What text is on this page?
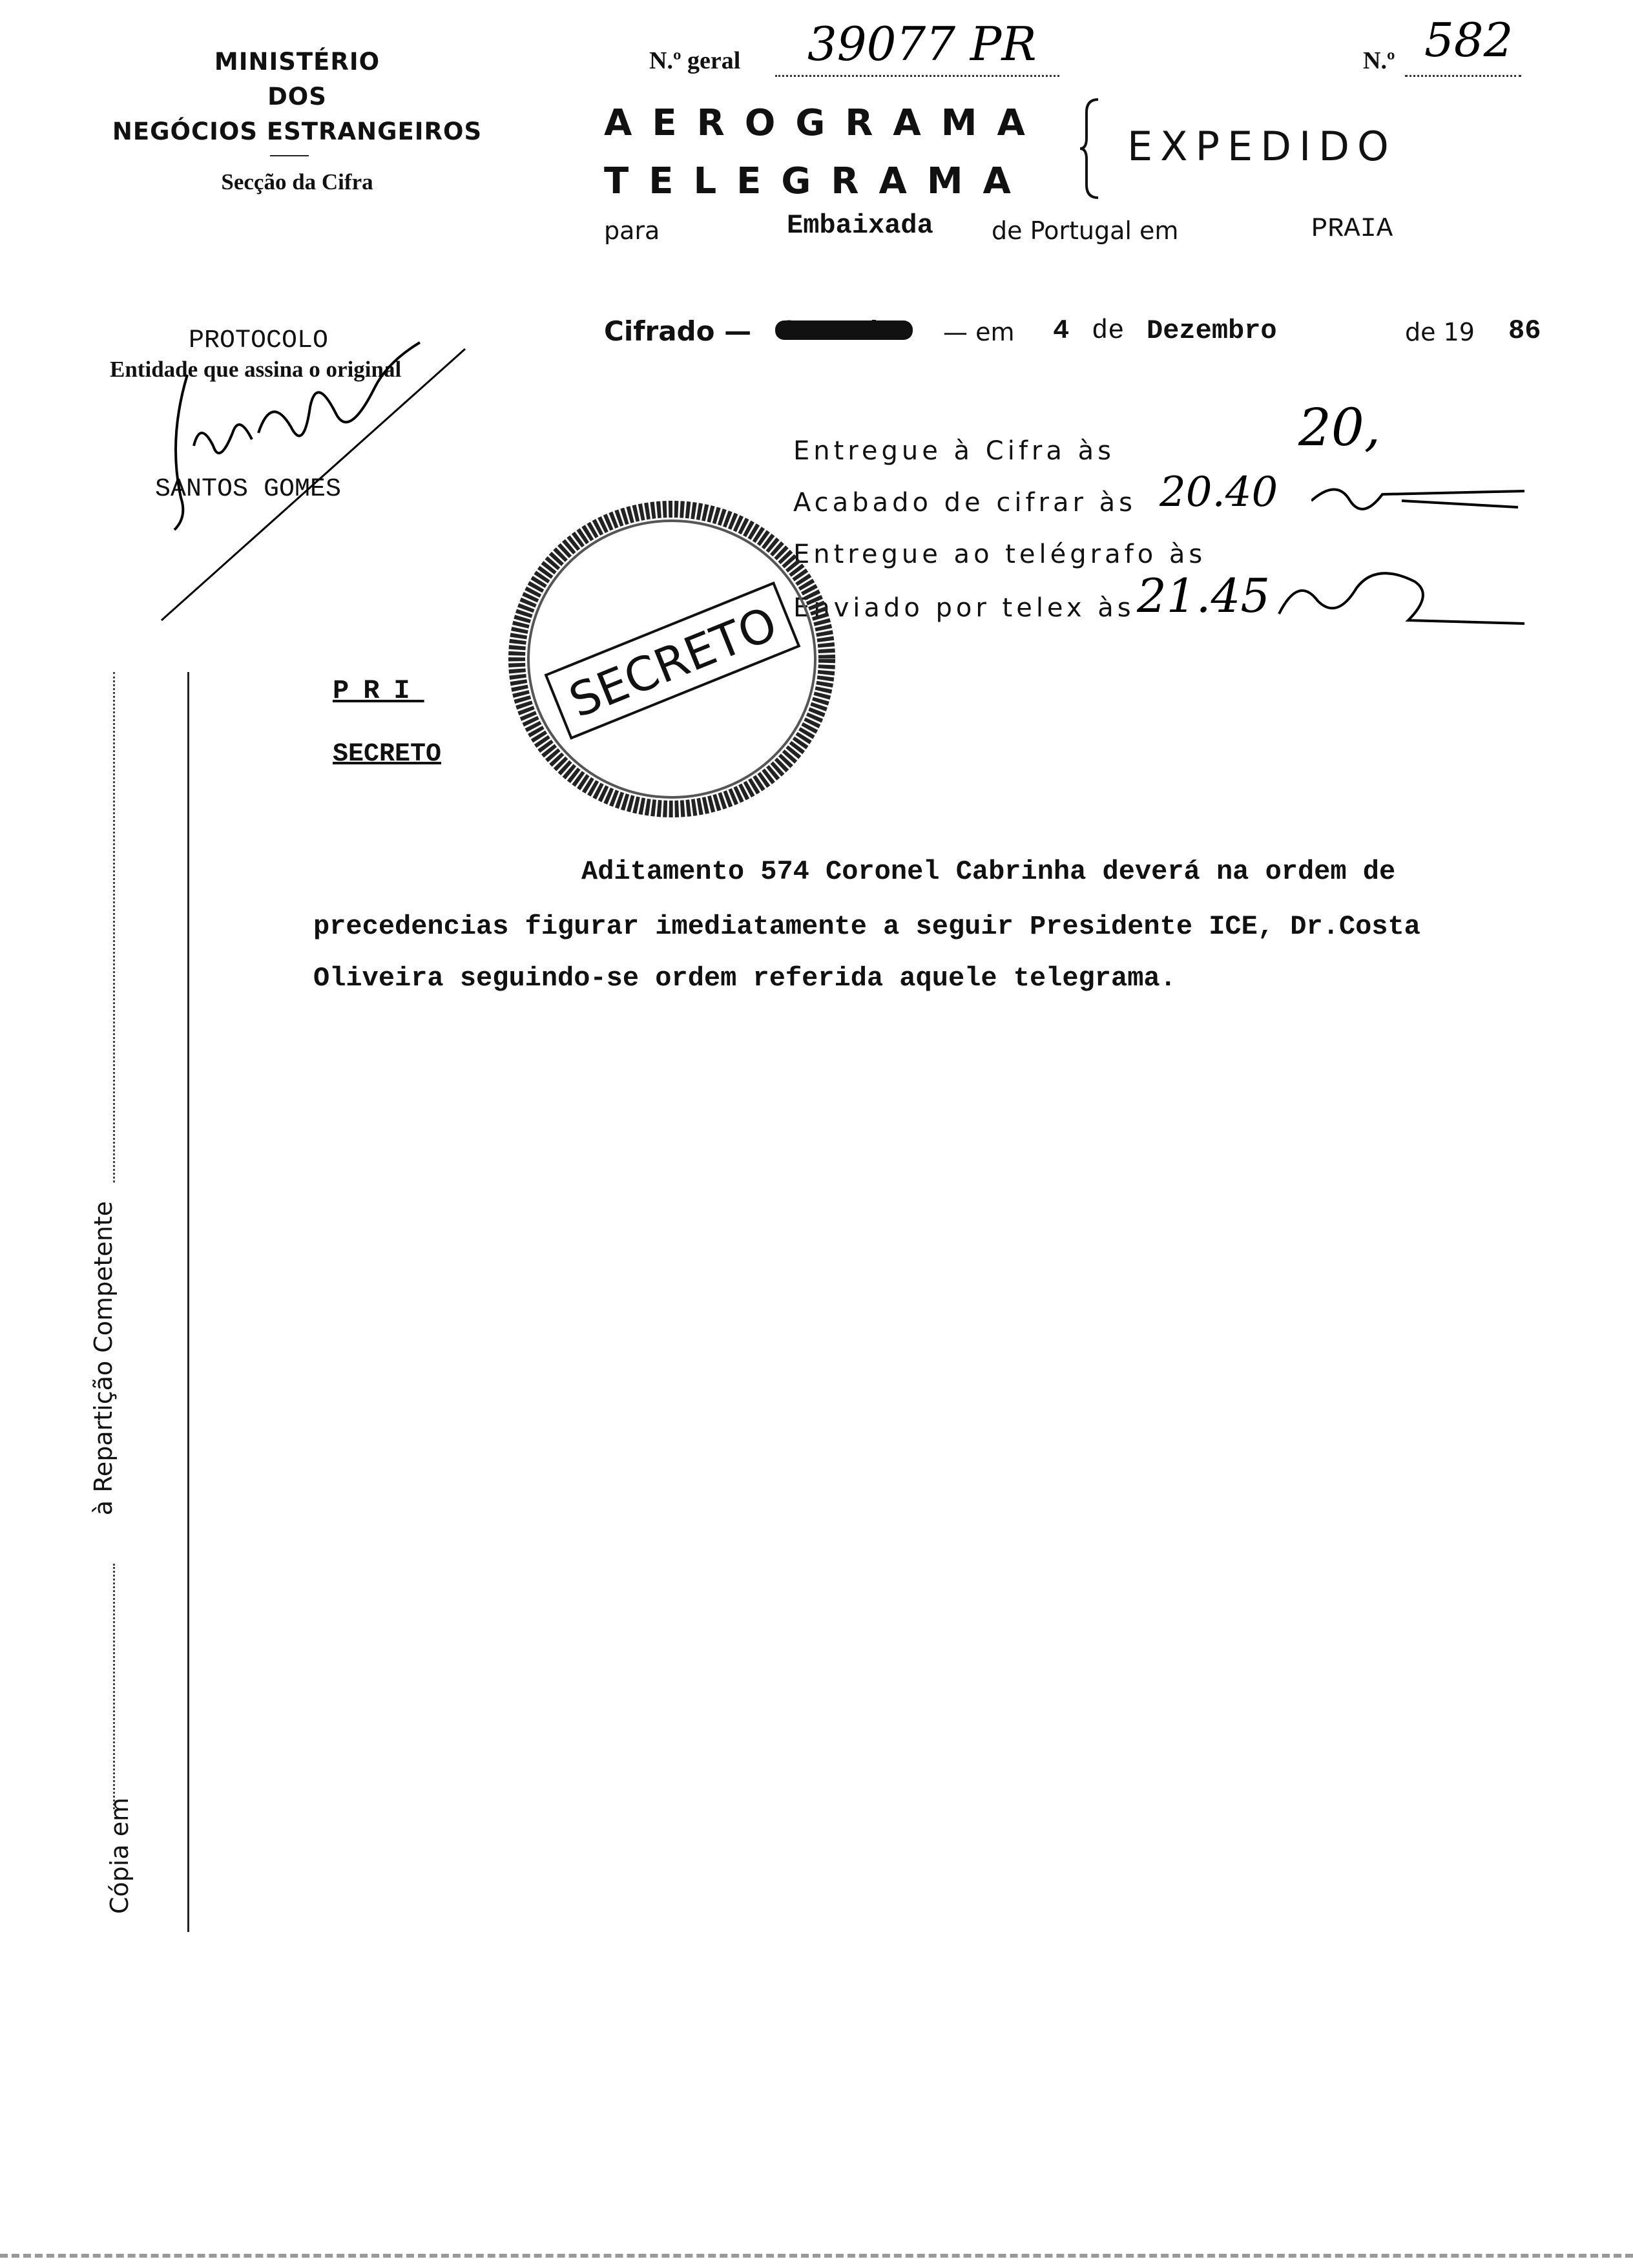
MINISTÉRIO
DOS
NEGÓCIOS ESTRANGEIROS
Secção da Cifra
N.º geral 39077 PR	N.º 582
AEROGRAMA
TELEGRAMA
EXPEDIDO
para	Embaixada de Portugal em	PRAIA
PROTOCOLO
Entidade que assina o original
SANTOS GOMES
Cifrado — Ostensivo — em 4 de Dezembro	de 19 86
Entregue à Cifra às	20,
Acabado de cifrar às 20.40
Entregue ao telégrafo às
Enviado por telex às 21.45
SECRETO
PRI
SECRETO
Aditamento 574 Coronel Cabrinha deverá na ordem de
precedencias figurar imediatamente a seguir Presidente ICE, Dr.Costa
Oliveira seguindo-se ordem referida aquele telegrama.
Cópia em
à Repartição Competente
